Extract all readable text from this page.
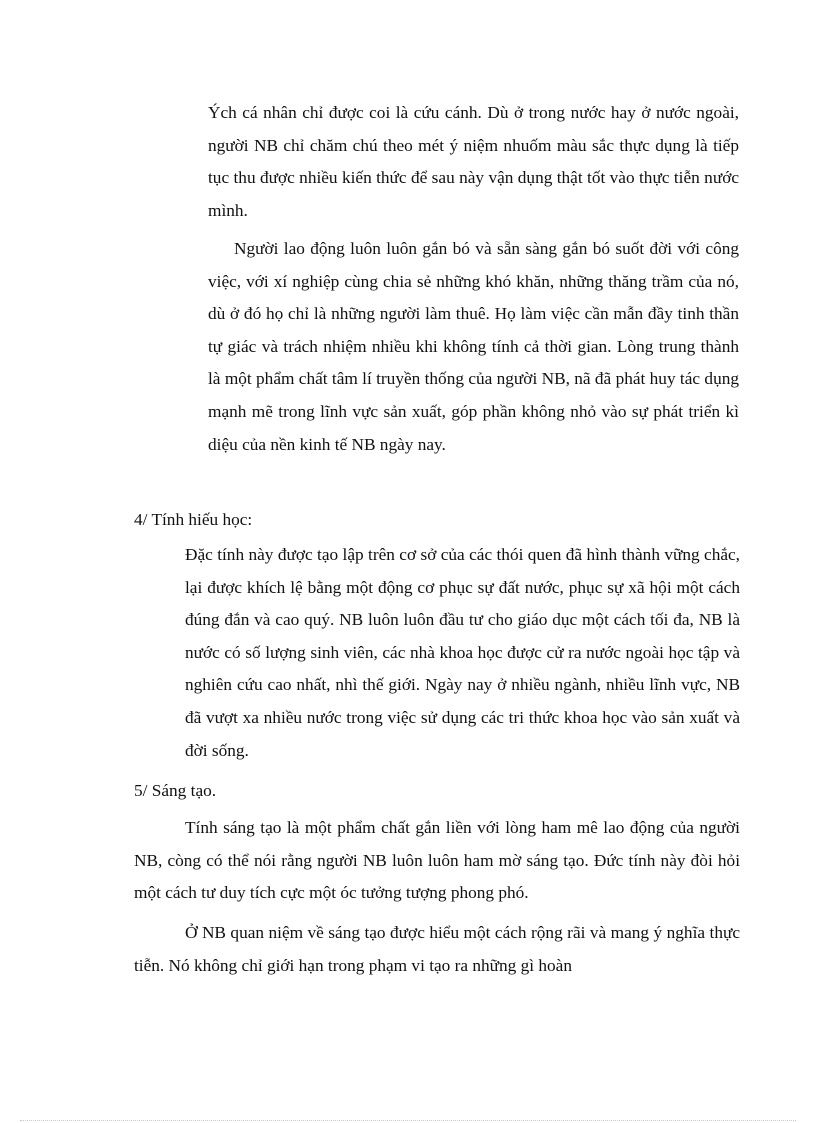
Ých cá nhân chỉ được coi là cứu cánh. Dù ở trong nước hay ở nước ngoài, người NB chỉ chăm chú theo mét ý niệm nhuốm màu sắc thực dụng là tiếp tục thu được nhiều kiến thức để sau này vận dụng thật tốt vào thực tiễn nước mình.

Người lao động luôn luôn gắn bó và sẵn sàng gắn bó suốt đời với công việc, với xí nghiệp cùng chia sẻ những khó khăn, những thăng trầm của nó, dù ở đó họ chỉ là những người làm thuê. Họ làm việc cần mẫn đầy tinh thần tự giác và trách nhiệm nhiều khi không tính cả thời gian. Lòng trung thành là một phẩm chất tâm lí truyền thống của người NB, nã đã phát huy tác dụng mạnh mẽ trong lĩnh vực sản xuất, góp phần không nhỏ vào sự phát triển kì diệu của nền kinh tế NB ngày nay.

4/ Tính hiếu học:

Đặc tính này được tạo lập trên cơ sở của các thói quen đã hình thành vững chắc, lại được khích lệ bằng một động cơ phục sự đất nước, phục sự xã hội một cách đúng đắn và cao quý. NB luôn luôn đầu tư cho giáo dục một cách tối đa, NB là nước có số lượng sinh viên, các nhà khoa học được cử ra nước ngoài học tập và nghiên cứu cao nhất, nhì thế giới. Ngày nay ở nhiều ngành, nhiều lĩnh vực, NB đã vượt xa nhiều nước trong việc sử dụng các tri thức khoa học vào sản xuất và đời sống.

5/ Sáng tạo.

Tính sáng tạo là một phẩm chất gắn liền với lòng ham mê lao động của người NB, còng có thể nói rằng người NB luôn luôn ham mờ sáng tạo. Đức tính này đòi hỏi một cách tư duy tích cực một óc tưởng tượng phong phó.

Ở NB quan niệm về sáng tạo được hiểu một cách rộng rãi và mang ý nghĩa thực tiễn. Nó không chỉ giới hạn trong phạm vi tạo ra những gì hoàn
